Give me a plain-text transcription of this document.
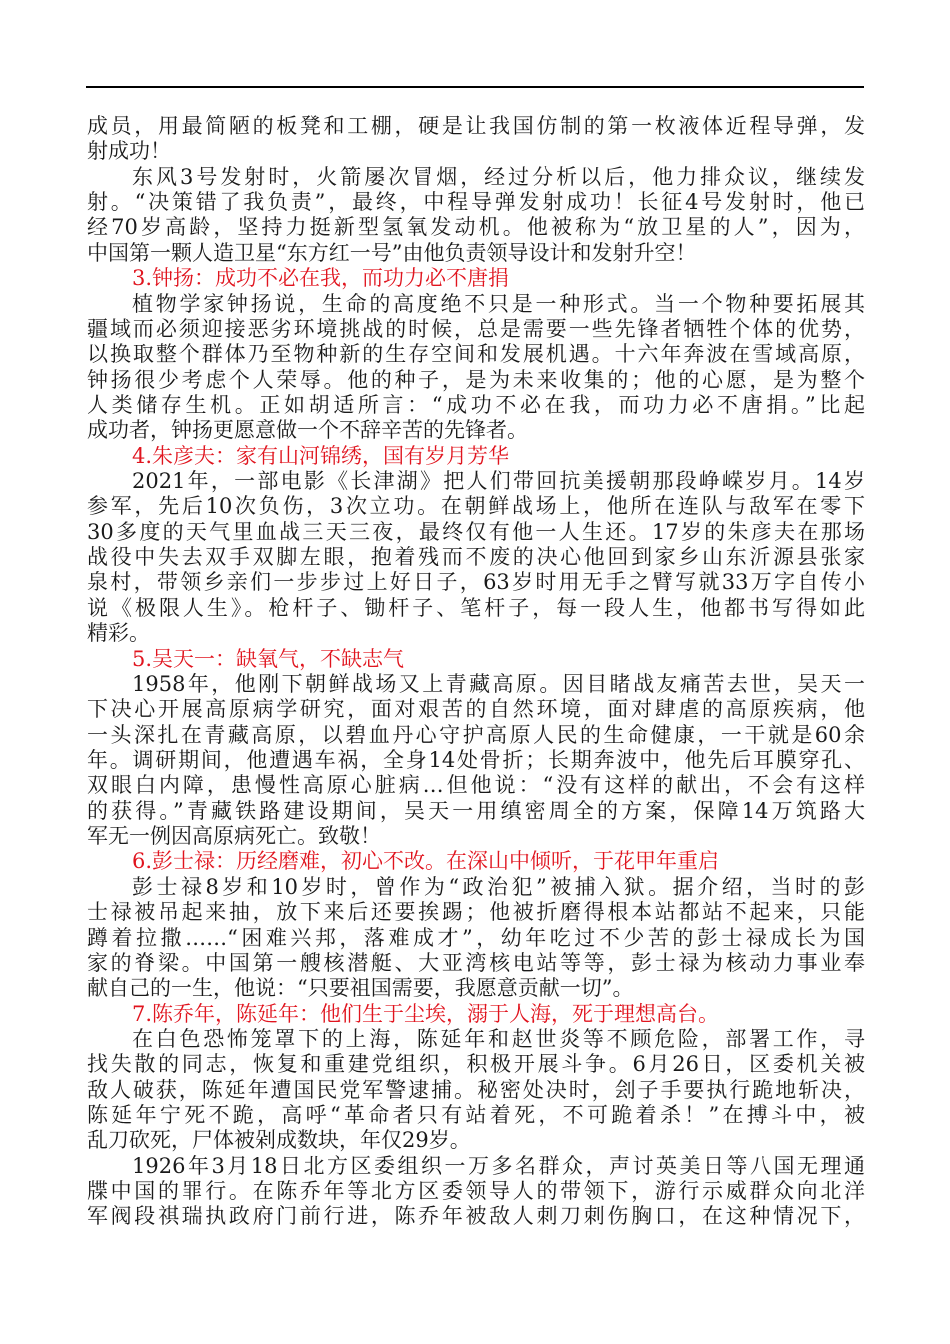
成员，用最简陋的板凳和工棚，硬是让我国仿制的第一枚液体近程导弹，发
射成功！
东风3号发射时，火箭屡次冒烟，经过分析以后，他力排众议，继续发
射。“决策错了我负责”，最终，中程导弹发射成功！长征4号发射时，他已
经70岁高龄，坚持力挺新型氢氧发动机。他被称为“放卫星的人”，因为，
中国第一颗人造卫星“东方红一号”由他负责领导设计和发射升空！
3.钟扬：成功不必在我，而功力必不唐捐
植物学家钟扬说，生命的高度绝不只是一种形式。当一个物种要拓展其
疆域而必须迎接恶劣环境挑战的时候，总是需要一些先锋者牺牲个体的优势，
以换取整个群体乃至物种新的生存空间和发展机遇。十六年奔波在雪域高原，
钟扬很少考虑个人荣辱。他的种子，是为未来收集的；他的心愿，是为整个
人类储存生机。正如胡适所言：“成功不必在我，而功力必不唐捐。”比起
成功者，钟扬更愿意做一个不辞辛苦的先锋者。
4.朱彦夫：家有山河锦绣，国有岁月芳华
2021年，一部电影《长津湖》把人们带回抗美援朝那段峥嵘岁月。14岁
参军，先后10次负伤，3次立功。在朝鲜战场上，他所在连队与敌军在零下
30多度的天气里血战三天三夜，最终仅有他一人生还。17岁的朱彦夫在那场
战役中失去双手双脚左眼，抱着残而不废的决心他回到家乡山东沂源县张家
泉村，带领乡亲们一步步过上好日子，63岁时用无手之臂写就33万字自传小
说《极限人生》。枪杆子、锄杆子、笔杆子，每一段人生，他都书写得如此
精彩。
5.吴天一：缺氧气，不缺志气
1958年，他刚下朝鲜战场又上青藏高原。因目睹战友痛苦去世，吴天一
下决心开展高原病学研究，面对艰苦的自然环境，面对肆虐的高原疾病，他
一头深扎在青藏高原，以碧血丹心守护高原人民的生命健康，一干就是60余
年。调研期间，他遭遇车祸，全身14处骨折；长期奔波中，他先后耳膜穿孔、
双眼白内障，患慢性高原心脏病…但他说：“没有这样的献出，不会有这样
的获得。”青藏铁路建设期间，吴天一用缜密周全的方案，保障14万筑路大
军无一例因高原病死亡。致敬！
6.彭士禄：历经磨难，初心不改。在深山中倾听，于花甲年重启
彭士禄8岁和10岁时，曾作为“政治犯”被捕入狱。据介绍，当时的彭
士禄被吊起来抽，放下来后还要挨踢；他被折磨得根本站都站不起来，只能
蹲着拉撒……“困难兴邦，落难成才”，幼年吃过不少苦的彭士禄成长为国
家的脊梁。中国第一艘核潜艇、大亚湾核电站等等，彭士禄为核动力事业奉
献自己的一生，他说：“只要祖国需要，我愿意贡献一切”。
7.陈乔年，陈延年：他们生于尘埃，溺于人海，死于理想高台。
在白色恐怖笼罩下的上海，陈延年和赵世炎等不顾危险，部署工作，寻
找失散的同志，恢复和重建党组织，积极开展斗争。6月26日，区委机关被
敌人破获，陈延年遭国民党军警逮捕。秘密处决时，刽子手要执行跪地斩决，
陈延年宁死不跪，高呼“革命者只有站着死，不可跪着杀！”在搏斗中，被
乱刀砍死，尸体被剁成数块，年仅29岁。
1926年3月18日北方区委组织一万多名群众，声讨英美日等八国无理通
牒中国的罪行。在陈乔年等北方区委领导人的带领下，游行示威群众向北洋
军阀段祺瑞执政府门前行进，陈乔年被敌人刺刀刺伤胸口，在这种情况下，
